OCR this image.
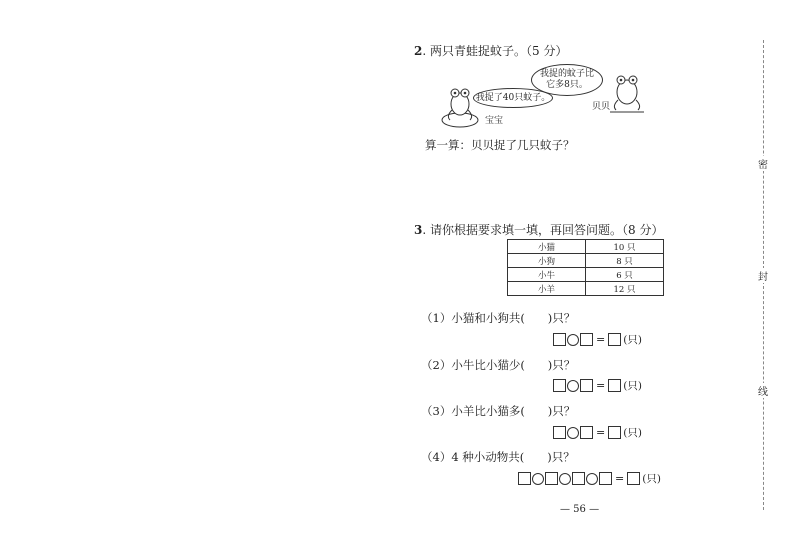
2. 两只青蛙捉蚊子。（5 分）
我捉了40只蚊子。
我捉的蚊子比它多8只。
宝宝
贝贝
算一算：贝贝捉了几只蚊子？
3. 请你根据要求填一填，再回答问题。（8 分）
小猫	10 只
小狗	8 只
小牛	6 只
小羊	12 只
（1）小猫和小狗共(　　)只？
= (只)
（2）小牛比小猫少(　　)只？
= (只)
（3）小羊比小猫多(　　)只？
= (只)
（4）4 种小动物共(　　)只？
= (只)
— 56 —
密
封
线
